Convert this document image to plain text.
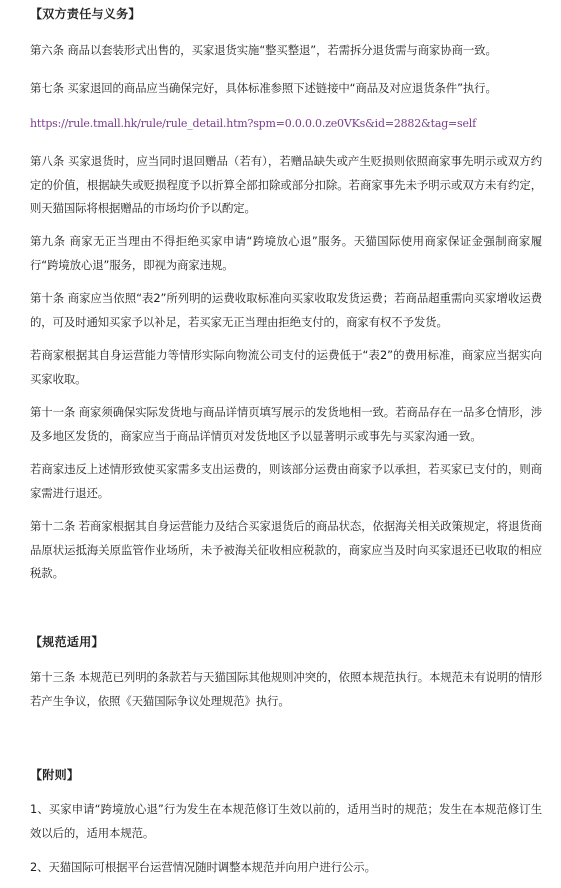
【双方责任与义务】
第六条 商品以套装形式出售的，买家退货实施“整买整退”，若需拆分退货需与商家协商一致。
第七条 买家退回的商品应当确保完好，具体标准参照下述链接中“商品及对应退货条件”执行。
https://rule.tmall.hk/rule/rule_detail.htm?spm=0.0.0.0.ze0VKs&id=2882&tag=self
第八条 买家退货时，应当同时退回赠品（若有），若赠品缺失或产生贬损则依照商家事先明示或双方约定的价值，根据缺失或贬损程度予以折算全部扣除或部分扣除。若商家事先未予明示或双方未有约定，则天猫国际将根据赠品的市场均价予以酌定。
第九条 商家无正当理由不得拒绝买家申请“跨境放心退”服务。天猫国际使用商家保证金强制商家履行“跨境放心退”服务，即视为商家违规。
第十条 商家应当依照“表2”所列明的运费收取标准向买家收取发货运费；若商品超重需向买家增收运费的，可及时通知买家予以补足，若买家无正当理由拒绝支付的，商家有权不予发货。
若商家根据其自身运营能力等情形实际向物流公司支付的运费低于“表2”的费用标准，商家应当据实向买家收取。
第十一条 商家须确保实际发货地与商品详情页填写展示的发货地相一致。若商品存在一品多仓情形，涉及多地区发货的，商家应当于商品详情页对发货地区予以显著明示或事先与买家沟通一致。
若商家违反上述情形致使买家需多支出运费的，则该部分运费由商家予以承担，若买家已支付的，则商家需进行退还。
第十二条 若商家根据其自身运营能力及结合买家退货后的商品状态，依据海关相关政策规定，将退货商品原状运抵海关原监管作业场所，未予被海关征收相应税款的，商家应当及时向买家退还已收取的相应税款。
【规范适用】
第十三条 本规范已列明的条款若与天猫国际其他规则冲突的，依照本规范执行。本规范未有说明的情形若产生争议，依照《天猫国际争议处理规范》执行。
【附则】
1、买家申请“跨境放心退”行为发生在本规范修订生效以前的，适用当时的规范；发生在本规范修订生效以后的，适用本规范。
2、天猫国际可根据平台运营情况随时调整本规范并向用户进行公示。
